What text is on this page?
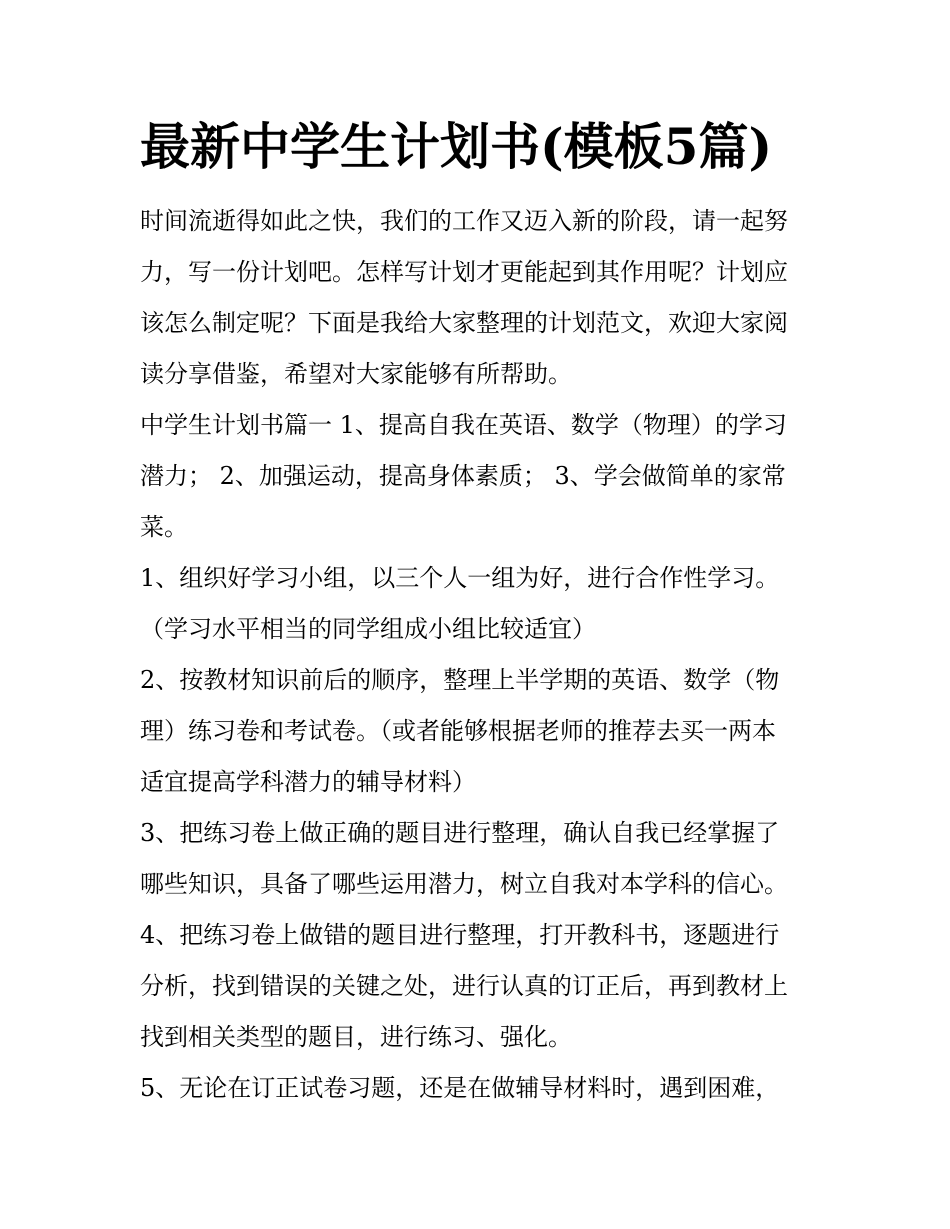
最新中学生计划书(模板5篇)
时间流逝得如此之快，我们的工作又迈入新的阶段，请一起努
力，写一份计划吧。怎样写计划才更能起到其作用呢？计划应
该怎么制定呢？下面是我给大家整理的计划范文，欢迎大家阅
读分享借鉴，希望对大家能够有所帮助。
中学生计划书篇一 1、提高自我在英语、数学（物理）的学习
潜力； 2、加强运动，提高身体素质； 3、学会做简单的家常
菜。
1、组织好学习小组，以三个人一组为好，进行合作性学习。
（学习水平相当的同学组成小组比较适宜）
2、按教材知识前后的顺序，整理上半学期的英语、数学（物
理）练习卷和考试卷。（或者能够根据老师的推荐去买一两本
适宜提高学科潜力的辅导材料）
3、把练习卷上做正确的题目进行整理，确认自我已经掌握了
哪些知识，具备了哪些运用潜力，树立自我对本学科的信心。
4、把练习卷上做错的题目进行整理，打开教科书，逐题进行
分析，找到错误的关键之处，进行认真的订正后，再到教材上
找到相关类型的题目，进行练习、强化。
5、无论在订正试卷习题，还是在做辅导材料时，遇到困难，
